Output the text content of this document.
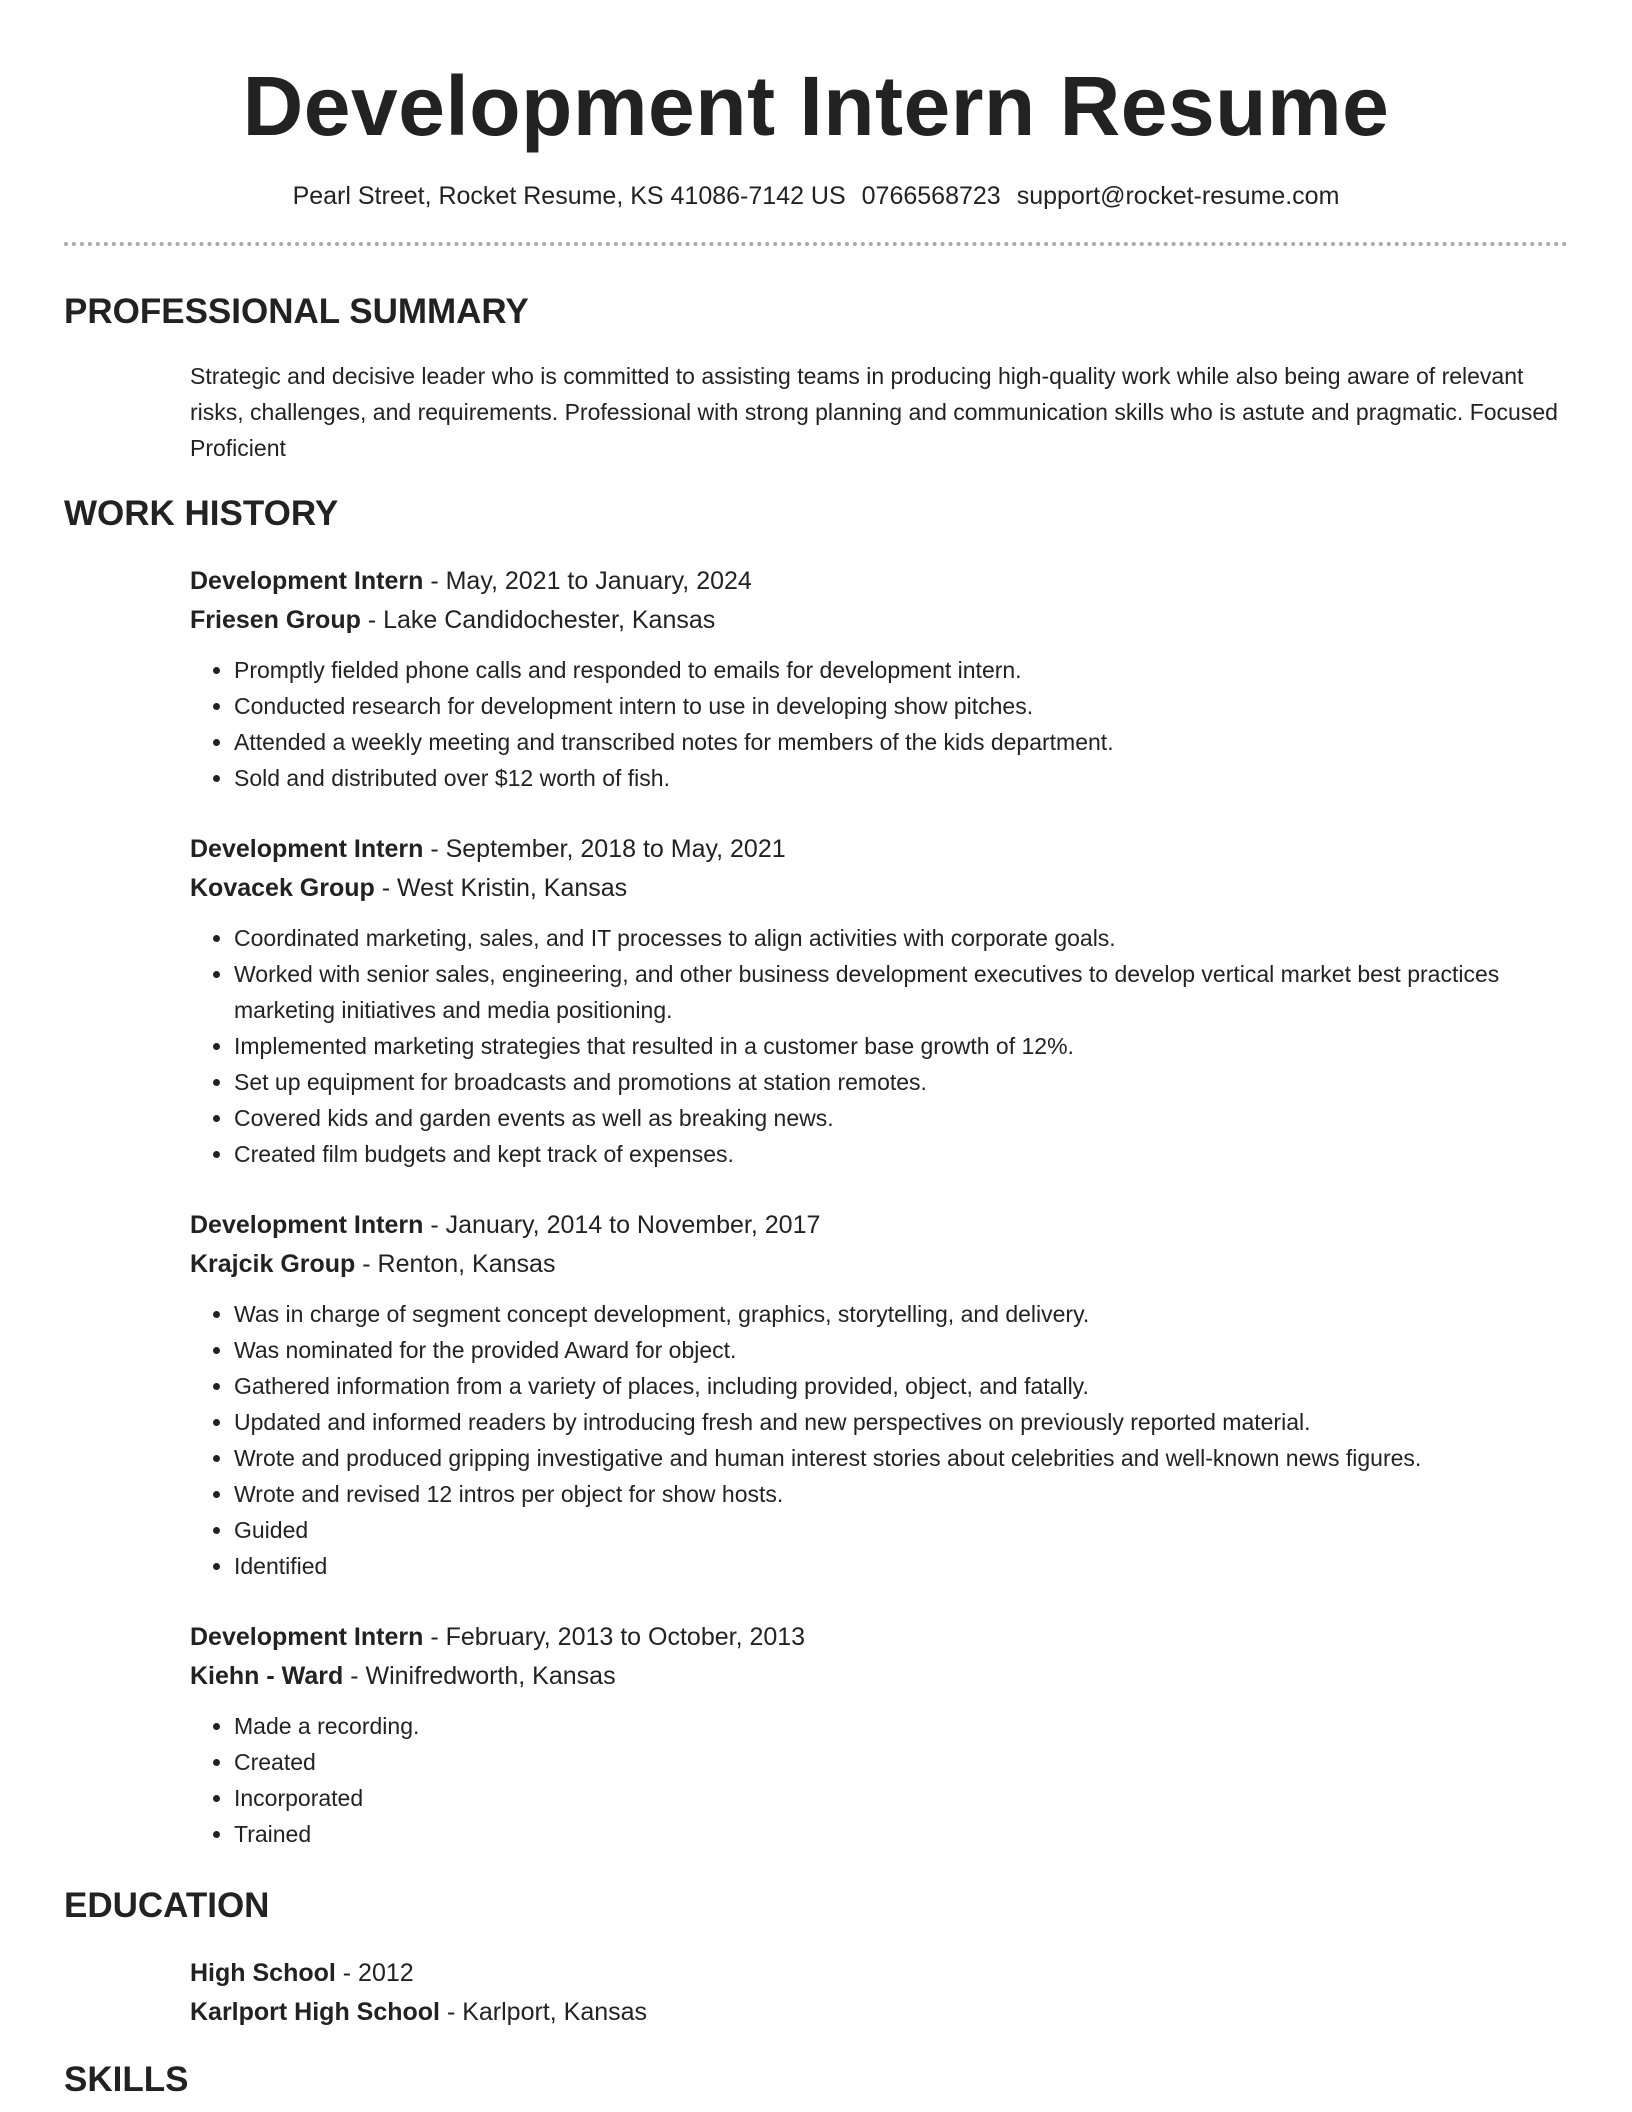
Development Intern Resume
Pearl Street, Rocket Resume, KS 41086-7142 US 0766568723 support@rocket-resume.com
PROFESSIONAL SUMMARY

Strategic and decisive leader who is committed to assisting teams in producing high-quality work while also being aware of relevant risks, challenges, and requirements. Professional with strong planning and communication skills who is astute and pragmatic. Focused Proficient

WORK HISTORY
Development Intern - May, 2021 to January, 2024
Friesen Group - Lake Candidochester, Kansas
• Promptly fielded phone calls and responded to emails for development intern.
• Conducted research for development intern to use in developing show pitches.
• Attended a weekly meeting and transcribed notes for members of the kids department.
• Sold and distributed over $12 worth of fish.
Development Intern - September, 2018 to May, 2021
Kovacek Group - West Kristin, Kansas
• Coordinated marketing, sales, and IT processes to align activities with corporate goals.
• Worked with senior sales, engineering, and other business development executives to develop vertical market best practices marketing initiatives and media positioning.
• Implemented marketing strategies that resulted in a customer base growth of 12%.
• Set up equipment for broadcasts and promotions at station remotes.
• Covered kids and garden events as well as breaking news.
• Created film budgets and kept track of expenses.
Development Intern - January, 2014 to November, 2017
Krajcik Group - Renton, Kansas
• Was in charge of segment concept development, graphics, storytelling, and delivery.
• Was nominated for the provided Award for object.
• Gathered information from a variety of places, including provided, object, and fatally.
• Updated and informed readers by introducing fresh and new perspectives on previously reported material.
• Wrote and produced gripping investigative and human interest stories about celebrities and well-known news figures.
• Wrote and revised 12 intros per object for show hosts.
• Guided
• Identified
Development Intern - February, 2013 to October, 2013
Kiehn - Ward - Winifredworth, Kansas
• Made a recording.
• Created
• Incorporated
• Trained
EDUCATION
High School - 2012
Karlport High School - Karlport, Kansas
SKILLS
